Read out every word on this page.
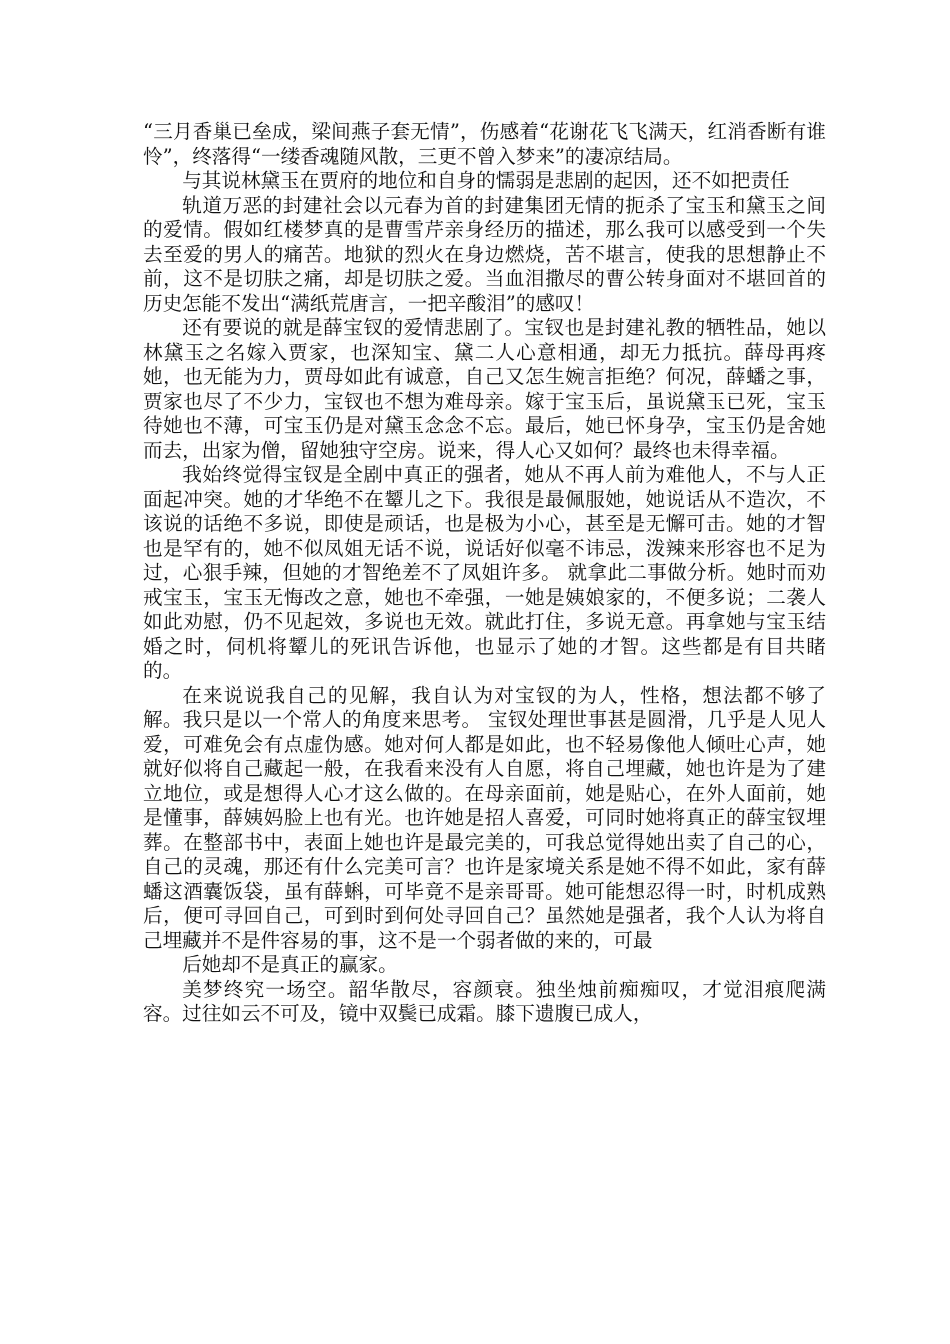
“三月香巢已垒成，梁间燕子套无情”，伤感着“花谢花飞飞满天，红消香断有谁怜”，终落得“一缕香魂随风散，三更不曾入梦来”的凄凉结局。

与其说林黛玉在贾府的地位和自身的懦弱是悲剧的起因，还不如把责任

轨道万恶的封建社会以元春为首的封建集团无情的扼杀了宝玉和黛玉之间的爱情。假如红楼梦真的是曹雪芹亲身经历的描述，那么我可以感受到一个失去至爱的男人的痛苦。地狱的烈火在身边燃烧，苦不堪言，使我的思想静止不前，这不是切肤之痛，却是切肤之爱。当血泪撒尽的曹公转身面对不堪回首的历史怎能不发出“满纸荒唐言，一把辛酸泪”的感叹！

还有要说的就是薛宝钗的爱情悲剧了。宝钗也是封建礼教的牺牲品，她以林黛玉之名嫁入贾家，也深知宝、黛二人心意相通，却无力抵抗。薛母再疼她，也无能为力，贾母如此有诚意，自己又怎生婉言拒绝？何况，薛蟠之事，贾家也尽了不少力，宝钗也不想为难母亲。嫁于宝玉后，虽说黛玉已死，宝玉待她也不薄，可宝玉仍是对黛玉念念不忘。最后，她已怀身孕，宝玉仍是舍她而去，出家为僧，留她独守空房。说来，得人心又如何？最终也未得幸福。

我始终觉得宝钗是全剧中真正的强者，她从不再人前为难他人，不与人正面起冲突。她的才华绝不在颦儿之下。我很是最佩服她，她说话从不造次，不该说的话绝不多说，即使是顽话，也是极为小心，甚至是无懈可击。她的才智也是罕有的，她不似凤姐无话不说，说话好似毫不讳忌，泼辣来形容也不足为过，心狠手辣，但她的才智绝差不了凤姐许多。 就拿此二事做分析。她时而劝戒宝玉，宝玉无悔改之意，她也不牵强，一她是姨娘家的，不便多说；二袭人如此劝慰，仍不见起效，多说也无效。就此打住，多说无意。再拿她与宝玉结婚之时，伺机将颦儿的死讯告诉他，也显示了她的才智。这些都是有目共睹的。

在来说说我自己的见解，我自认为对宝钗的为人，性格，想法都不够了解。我只是以一个常人的角度来思考。 宝钗处理世事甚是圆滑，几乎是人见人爱，可难免会有点虚伪感。她对何人都是如此，也不轻易像他人倾吐心声，她就好似将自己藏起一般，在我看来没有人自愿，将自己埋藏，她也许是为了建立地位，或是想得人心才这么做的。在母亲面前，她是贴心，在外人面前，她是懂事，薛姨妈脸上也有光。也许她是招人喜爱，可同时她将真正的薛宝钗埋葬。在整部书中，表面上她也许是最完美的，可我总觉得她出卖了自己的心，自己的灵魂，那还有什么完美可言？也许是家境关系是她不得不如此，家有薛蟠这酒囊饭袋，虽有薛蝌，可毕竟不是亲哥哥。她可能想忍得一时，时机成熟后，便可寻回自己，可到时到何处寻回自己？虽然她是强者，我个人认为将自己埋藏并不是件容易的事，这不是一个弱者做的来的，可最

后她却不是真正的赢家。

美梦终究一场空。韶华散尽，容颜衰。独坐烛前痴痴叹，才觉泪痕爬满容。过往如云不可及，镜中双鬓已成霜。膝下遗腹已成人，
